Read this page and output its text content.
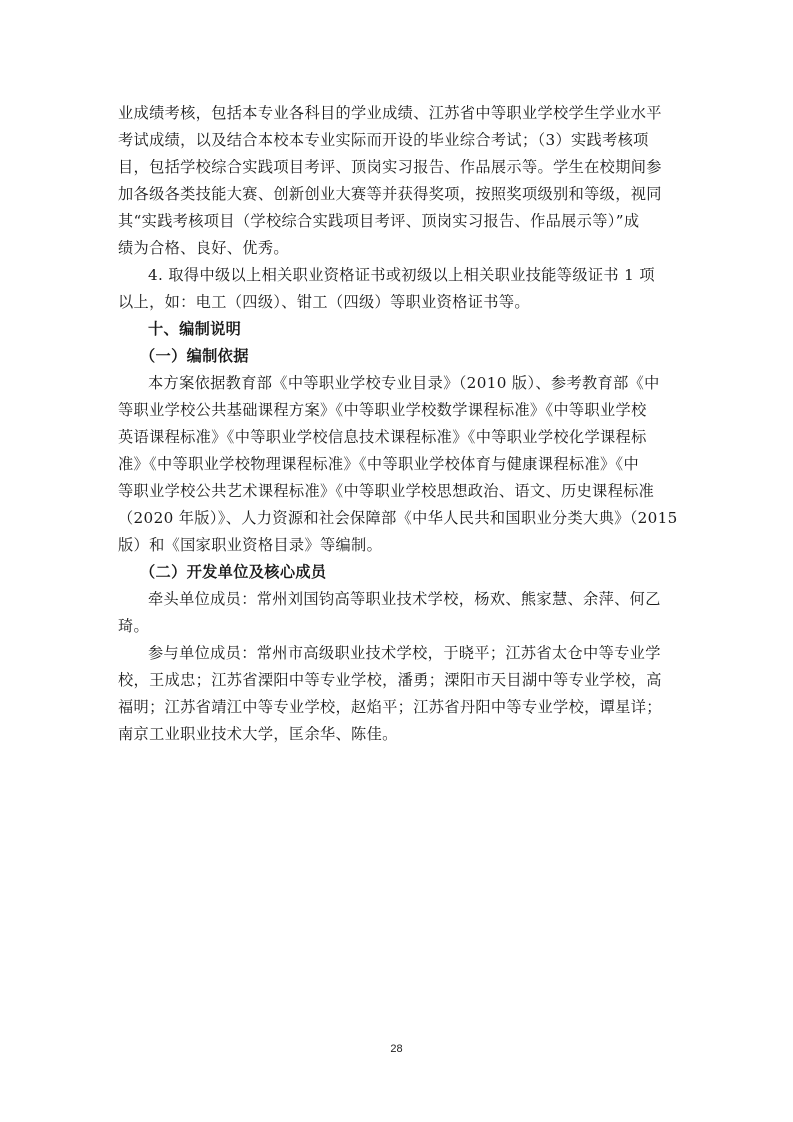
业成绩考核，包括本专业各科目的学业成绩、江苏省中等职业学校学生学业水平
考试成绩，以及结合本校本专业实际而开设的毕业综合考试；（3）实践考核项
目，包括学校综合实践项目考评、顶岗实习报告、作品展示等。学生在校期间参
加各级各类技能大赛、创新创业大赛等并获得奖项，按照奖项级别和等级，视同
其“实践考核项目（学校综合实践项目考评、顶岗实习报告、作品展示等）”成
绩为合格、良好、优秀。
4. 取得中级以上相关职业资格证书或初级以上相关职业技能等级证书 1 项
以上，如：电工（四级）、钳工（四级）等职业资格证书等。
十、编制说明
（一）编制依据
本方案依据教育部《中等职业学校专业目录》（2010 版）、参考教育部《中
等职业学校公共基础课程方案》《中等职业学校数学课程标准》《中等职业学校
英语课程标准》《中等职业学校信息技术课程标准》《中等职业学校化学课程标
准》《中等职业学校物理课程标准》《中等职业学校体育与健康课程标准》《中
等职业学校公共艺术课程标准》《中等职业学校思想政治、语文、历史课程标准
（2020 年版）》、人力资源和社会保障部《中华人民共和国职业分类大典》（2015
版）和《国家职业资格目录》等编制。
（二）开发单位及核心成员
牵头单位成员：常州刘国钧高等职业技术学校，杨欢、熊家慧、余萍、何乙
琦。
参与单位成员：常州市高级职业技术学校，于晓平；江苏省太仓中等专业学
校，王成忠；江苏省溧阳中等专业学校，潘勇；溧阳市天目湖中等专业学校，高
福明；江苏省靖江中等专业学校，赵焰平；江苏省丹阳中等专业学校，谭星详；
南京工业职业技术大学，匡余华、陈佳。
28
